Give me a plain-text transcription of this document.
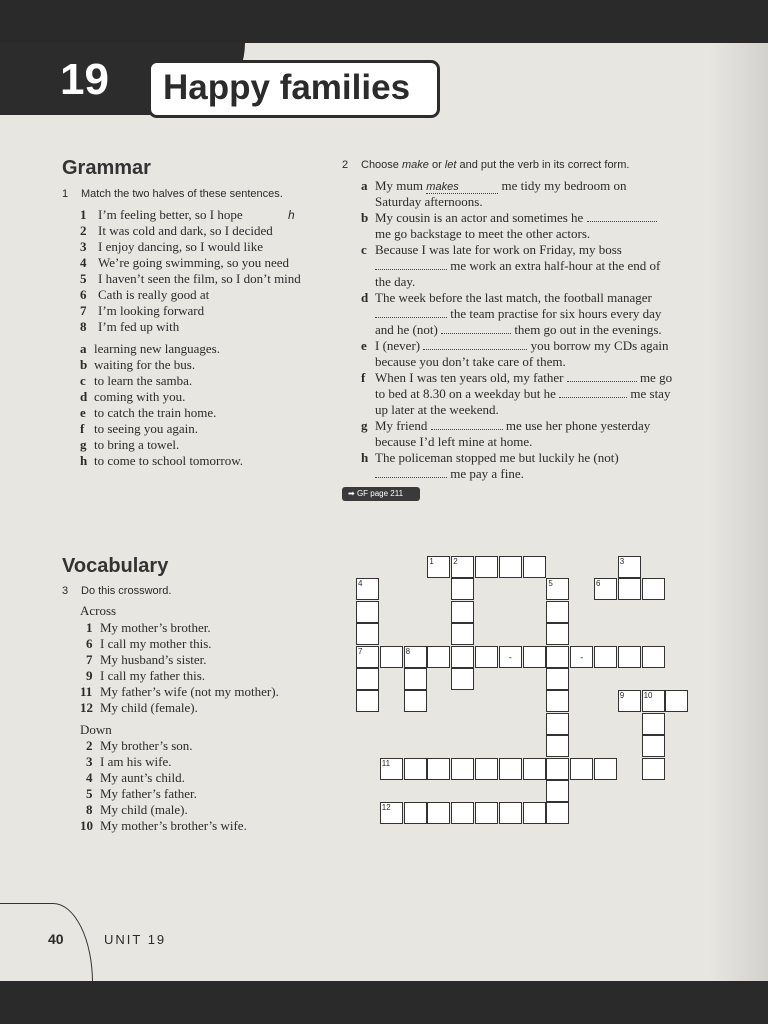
19 Happy families
Grammar
1 Match the two halves of these sentences.
1 I’m feeling better, so I hope	h
2 It was cold and dark, so I decided
3 I enjoy dancing, so I would like
4 We’re going swimming, so you need
5 I haven’t seen the film, so I don’t mind
6 Cath is really good at
7 I’m looking forward
8 I’m fed up with
a learning new languages.
b waiting for the bus.
c to learn the samba.
d coming with you.
e to catch the train home.
f to seeing you again.
g to bring a towel.
h to come to school tomorrow.
2 Choose make or let and put the verb in its correct form.
a My mum makes	me tidy my bedroom on
Saturday afternoons.
b My cousin is an actor and sometimes he
me go backstage to meet the other actors.
c Because I was late for work on Friday, my boss
me work an extra half-hour at the end of
the day.
d The week before the last match, the football manager
the team practise for six hours every day
and he (not)	them go out in the evenings.
e I (never)	you borrow my CDs again
because you don’t take care of them.
f When I was ten years old, my father	me go
to bed at 8.30 on a weekday but he	me stay
up later at the weekend.
g My friend	me use her phone yesterday
because I’d left mine at home.
h The policeman stopped me but luckily he (not)
me pay a fine.
➡ GF page 211
Vocabulary
3 Do this crossword.
Across
1 My mother’s brother.
6 I call my mother this.
7 My husband’s sister.
9 I call my father this.
11 My father’s wife (not my mother).
12 My child (female).
Down
2 My brother’s son.
3 I am his wife.
4 My aunt’s child.
5 My father’s father.
8 My child (male).
10 My mother’s brother’s wife.
1 2	3
4
7
5	6
8
-	-
9 10
11
12
40	UNIT 19
